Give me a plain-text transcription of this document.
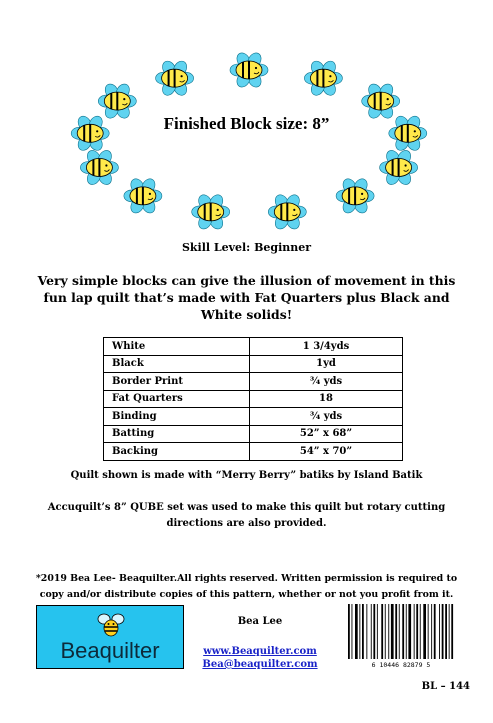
Finished Block size: 8”
Skill Level: Beginner
Very simple blocks can give the illusion of movement in this fun lap quilt that’s made with Fat Quarters plus Black and White solids!
White	1 3/4yds
Black	1yd
Border Print	¾ yds
Fat Quarters	18
Binding	¾ yds
Batting	52” x 68”
Backing	54” x 70”
Quilt shown is made with “Merry Berry” batiks by Island Batik
Accuquilt’s 8” QUBE set was used to make this quilt but rotary cutting directions are also provided.
*2019 Bea Lee- Beaquilter.All rights reserved. Written permission is required to copy and/or distribute copies of this pattern, whether or not you profit from it.
Beaquilter
Bea Lee
www.Beaquilter.com
Bea@beaquilter.com	6 10446 82879 5
BL – 144
